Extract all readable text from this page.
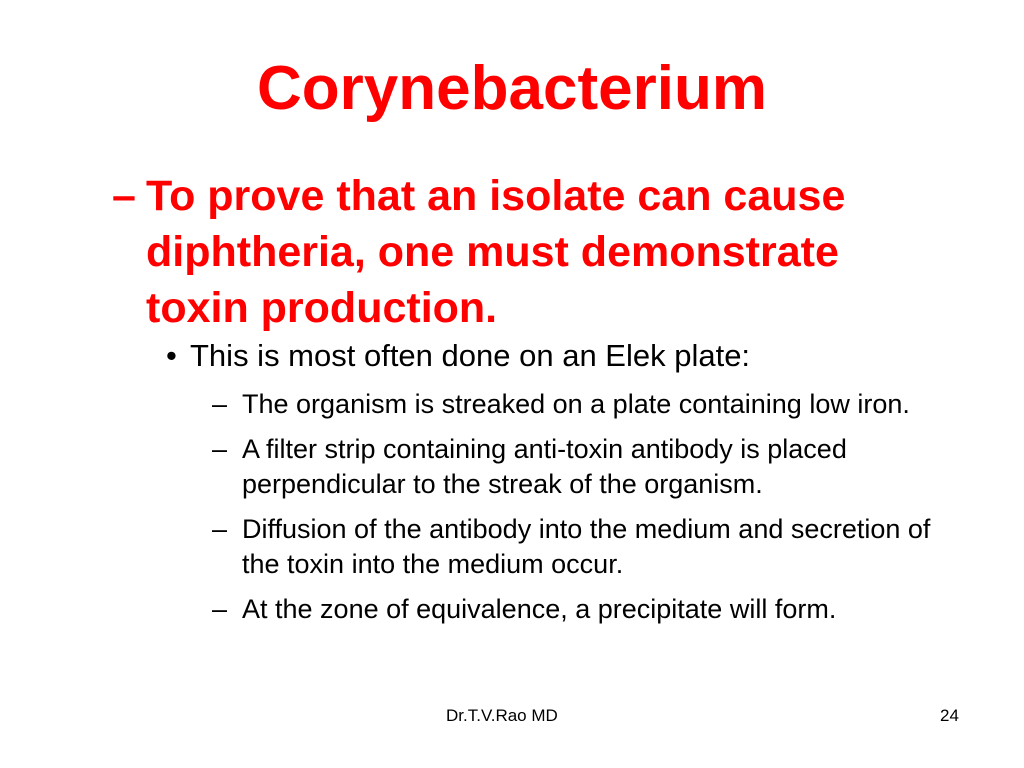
Corynebacterium
– To prove that an isolate can cause diphtheria, one must demonstrate toxin production.
• This is most often done on an Elek plate:
– The organism is streaked on a plate containing low iron.
– A filter strip containing anti-toxin antibody is placed perpendicular to the streak of the organism.
– Diffusion of the antibody into the medium and secretion of the toxin into the medium occur.
– At the zone of equivalence, a precipitate will form.
Dr.T.V.Rao MD	24
